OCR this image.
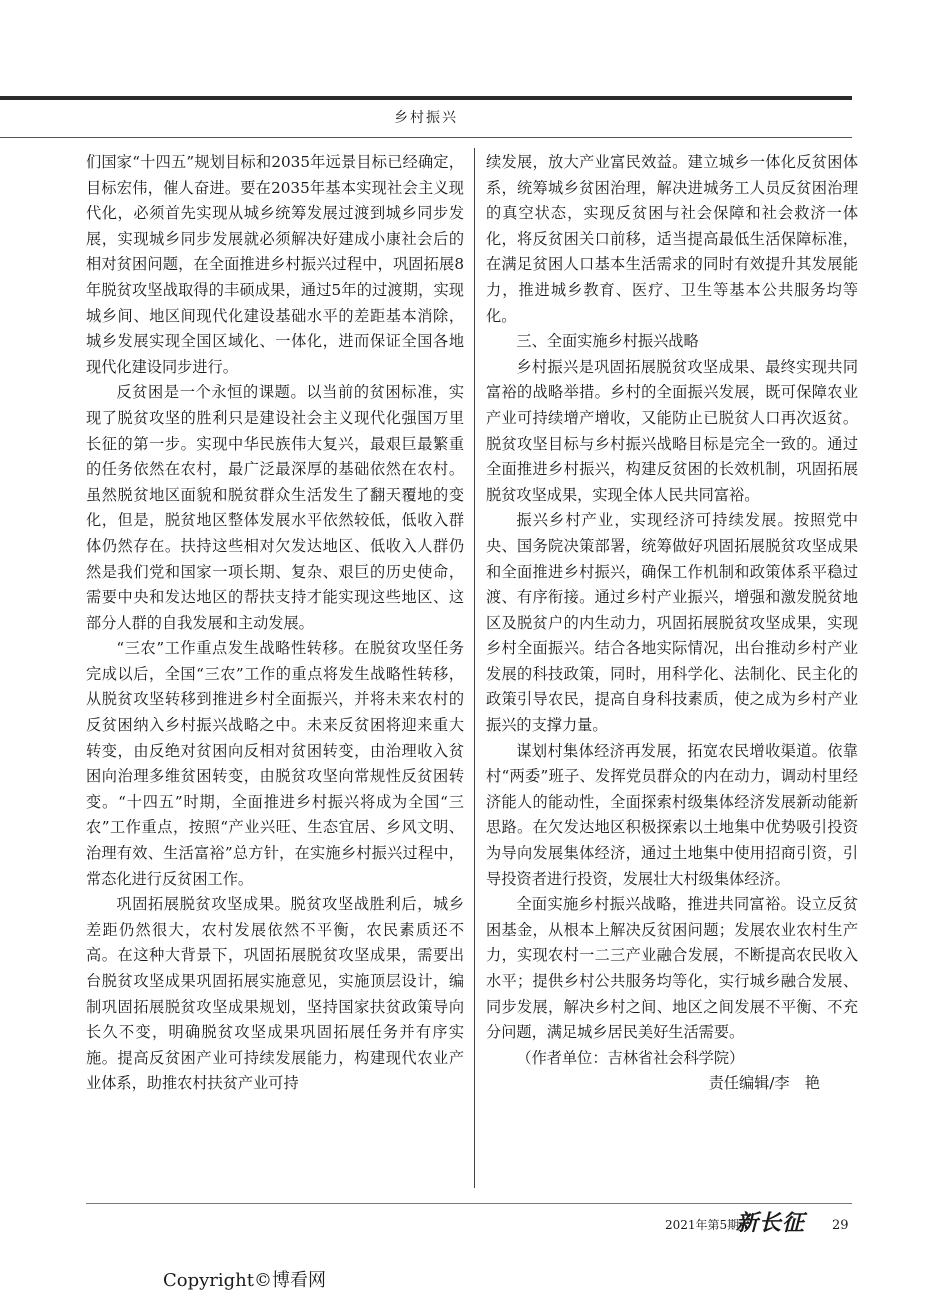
乡村振兴

们国家“十四五”规划目标和2035年远景目标已经确定，目标宏伟，催人奋进。要在2035年基本实现社会主义现代化，必须首先实现从城乡统筹发展过渡到城乡同步发展，实现城乡同步发展就必须解决好建成小康社会后的相对贫困问题，在全面推进乡村振兴过程中，巩固拓展8年脱贫攻坚战取得的丰硕成果，通过5年的过渡期，实现城乡间、地区间现代化建设基础水平的差距基本消除，城乡发展实现全国区域化、一体化，进而保证全国各地现代化建设同步进行。

反贫困是一个永恒的课题。以当前的贫困标准，实现了脱贫攻坚的胜利只是建设社会主义现代化强国万里长征的第一步。实现中华民族伟大复兴，最艰巨最繁重的任务依然在农村，最广泛最深厚的基础依然在农村。虽然脱贫地区面貌和脱贫群众生活发生了翻天覆地的变化，但是，脱贫地区整体发展水平依然较低，低收入群体仍然存在。扶持这些相对欠发达地区、低收入人群仍然是我们党和国家一项长期、复杂、艰巨的历史使命，需要中央和发达地区的帮扶支持才能实现这些地区、这部分人群的自我发展和主动发展。

“三农”工作重点发生战略性转移。在脱贫攻坚任务完成以后，全国“三农”工作的重点将发生战略性转移，从脱贫攻坚转移到推进乡村全面振兴，并将未来农村的反贫困纳入乡村振兴战略之中。未来反贫困将迎来重大转变，由反绝对贫困向反相对贫困转变，由治理收入贫困向治理多维贫困转变，由脱贫攻坚向常规性反贫困转变。“十四五”时期，全面推进乡村振兴将成为全国“三农”工作重点，按照“产业兴旺、生态宜居、乡风文明、治理有效、生活富裕”总方针，在实施乡村振兴过程中，常态化进行反贫困工作。

巩固拓展脱贫攻坚成果。脱贫攻坚战胜利后，城乡差距仍然很大，农村发展依然不平衡，农民素质还不高。在这种大背景下，巩固拓展脱贫攻坚成果，需要出台脱贫攻坚成果巩固拓展实施意见，实施顶层设计，编制巩固拓展脱贫攻坚成果规划，坚持国家扶贫政策导向长久不变，明确脱贫攻坚成果巩固拓展任务并有序实施。提高反贫困产业可持续发展能力，构建现代农业产业体系，助推农村扶贫产业可持

续发展，放大产业富民效益。建立城乡一体化反贫困体系，统筹城乡贫困治理，解决进城务工人员反贫困治理的真空状态，实现反贫困与社会保障和社会救济一体化，将反贫困关口前移，适当提高最低生活保障标准，在满足贫困人口基本生活需求的同时有效提升其发展能力，推进城乡教育、医疗、卫生等基本公共服务均等化。

三、全面实施乡村振兴战略

乡村振兴是巩固拓展脱贫攻坚成果、最终实现共同富裕的战略举措。乡村的全面振兴发展，既可保障农业产业可持续增产增收，又能防止已脱贫人口再次返贫。脱贫攻坚目标与乡村振兴战略目标是完全一致的。通过全面推进乡村振兴，构建反贫困的长效机制，巩固拓展脱贫攻坚成果，实现全体人民共同富裕。

振兴乡村产业，实现经济可持续发展。按照党中央、国务院决策部署，统筹做好巩固拓展脱贫攻坚成果和全面推进乡村振兴，确保工作机制和政策体系平稳过渡、有序衔接。通过乡村产业振兴，增强和激发脱贫地区及脱贫户的内生动力，巩固拓展脱贫攻坚成果，实现乡村全面振兴。结合各地实际情况，出台推动乡村产业发展的科技政策，同时，用科学化、法制化、民主化的政策引导农民，提高自身科技素质，使之成为乡村产业振兴的支撑力量。

谋划村集体经济再发展，拓宽农民增收渠道。依靠村“两委”班子、发挥党员群众的内在动力，调动村里经济能人的能动性，全面探索村级集体经济发展新动能新思路。在欠发达地区积极探索以土地集中优势吸引投资为导向发展集体经济，通过土地集中使用招商引资，引导投资者进行投资，发展壮大村级集体经济。

全面实施乡村振兴战略，推进共同富裕。设立反贫困基金，从根本上解决反贫困问题；发展农业农村生产力，实现农村一二三产业融合发展，不断提高农民收入水平；提供乡村公共服务均等化，实行城乡融合发展、同步发展，解决乡村之间、地区之间发展不平衡、不充分问题，满足城乡居民美好生活需要。

（作者单位：吉林省社会科学院）

责任编辑/李　艳

2021年第5期
新长征 29
Copyright©博看网
